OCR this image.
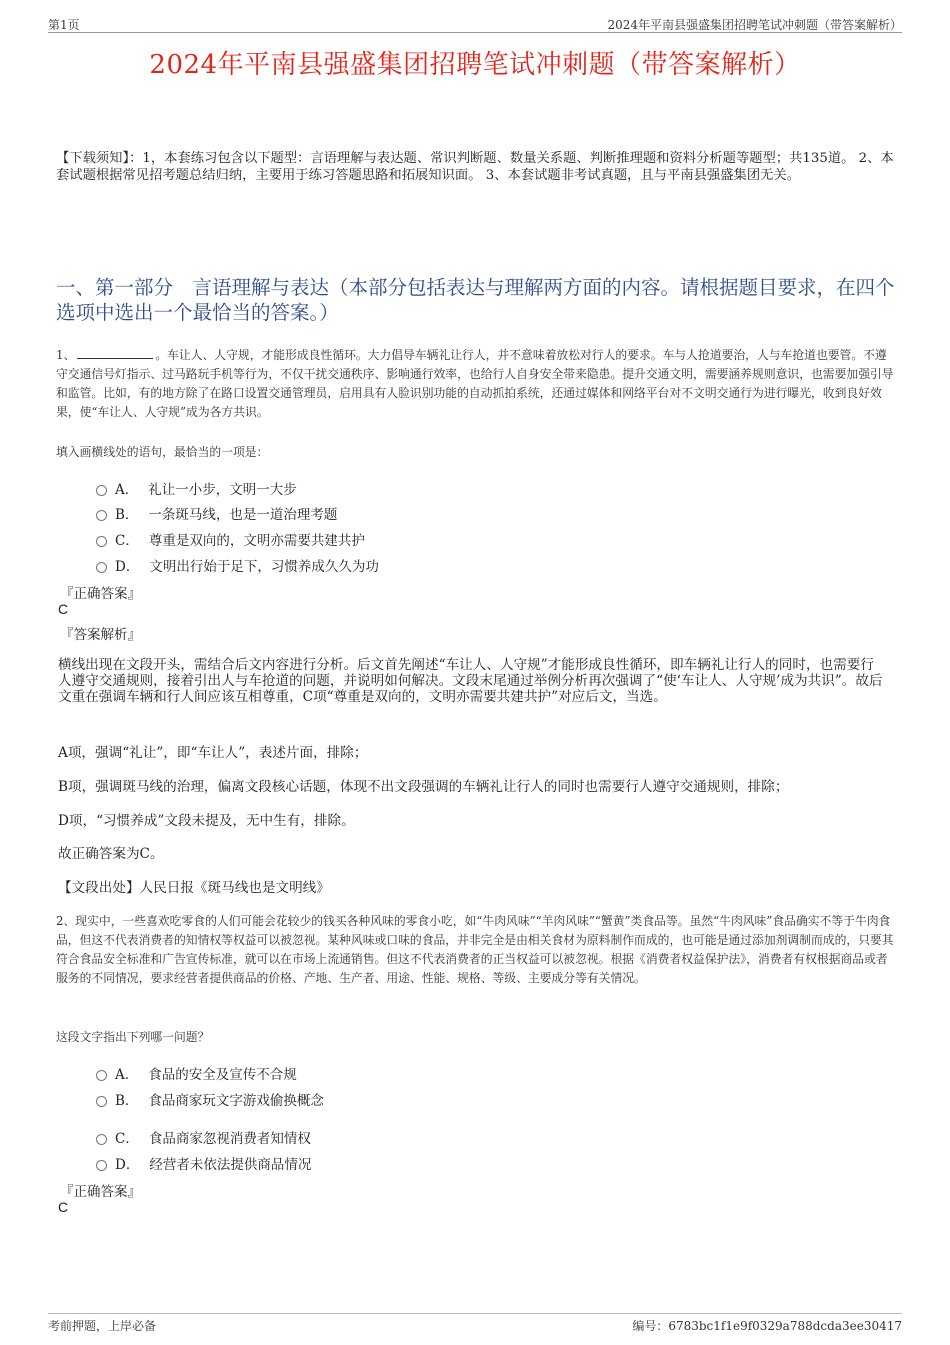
第1页	2024年平南县强盛集团招聘笔试冲刺题（带答案解析）
2024年平南县强盛集团招聘笔试冲刺题（带答案解析）
【下载须知】：1，本套练习包含以下题型：言语理解与表达题、常识判断题、数量关系题、判断推理题和资料分析题等题型；共135道。 2、本套试题根据常见招考题总结归纳，主要用于练习答题思路和拓展知识面。 3、本套试题非考试真题，且与平南县强盛集团无关。
一、第一部分　言语理解与表达（本部分包括表达与理解两方面的内容。请根据题目要求，在四个选项中选出一个最恰当的答案。）
1、	。车让人、人守规，才能形成良性循环。大力倡导车辆礼让行人，并不意味着放松对行人的要求。车与人抢道要治，人与车抢道也要管。不遵守交通信号灯指示、过马路玩手机等行为，不仅干扰交通秩序、影响通行效率，也给行人自身安全带来隐患。提升交通文明，需要涵养规则意识，也需要加强引导和监管。比如，有的地方除了在路口设置交通管理员，启用具有人脸识别功能的自动抓拍系统，还通过媒体和网络平台对不文明交通行为进行曝光，收到良好效果，使“车让人、人守规”成为各方共识。
填入画横线处的语句，最恰当的一项是：
A． 礼让一小步，文明一大步
B． 一条斑马线，也是一道治理考题
C． 尊重是双向的，文明亦需要共建共护
D． 文明出行始于足下，习惯养成久久为功
『正确答案』
C
『答案解析』
横线出现在文段开头，需结合后文内容进行分析。后文首先阐述“车让人、人守规”才能形成良性循环，即车辆礼让行人的同时，也需要行人遵守交通规则，接着引出人与车抢道的问题，并说明如何解决。文段末尾通过举例分析再次强调了“使‘车让人、人守规’成为共识”。故后文重在强调车辆和行人间应该互相尊重，C项“尊重是双向的，文明亦需要共建共护”对应后文，当选。
A项，强调“礼让”，即“车让人”，表述片面，排除；
B项，强调斑马线的治理，偏离文段核心话题，体现不出文段强调的车辆礼让行人的同时也需要行人遵守交通规则，排除；
D项，“习惯养成”文段未提及，无中生有，排除。
故正确答案为C。
【文段出处】人民日报《斑马线也是文明线》
2、现实中，一些喜欢吃零食的人们可能会花较少的钱买各种风味的零食小吃，如“牛肉风味”“羊肉风味”“蟹黄”类食品等。虽然“牛肉风味”食品确实不等于牛肉食品，但这不代表消费者的知情权等权益可以被忽视。某种风味或口味的食品，并非完全是由相关食材为原料制作而成的，也可能是通过添加剂调制而成的，只要其符合食品安全标准和广告宣传标准，就可以在市场上流通销售。但这不代表消费者的正当权益可以被忽视。根据《消费者权益保护法》，消费者有权根据商品或者服务的不同情况，要求经营者提供商品的价格、产地、生产者、用途、性能、规格、等级、主要成分等有关情况。
这段文字指出下列哪一问题？
A． 食品的安全及宣传不合规
B． 食品商家玩文字游戏偷换概念
C． 食品商家忽视消费者知情权
D． 经营者未依法提供商品情况
『正确答案』
C
考前押题，上岸必备	编号：6783bc1f1e9f0329a788dcda3ee30417
